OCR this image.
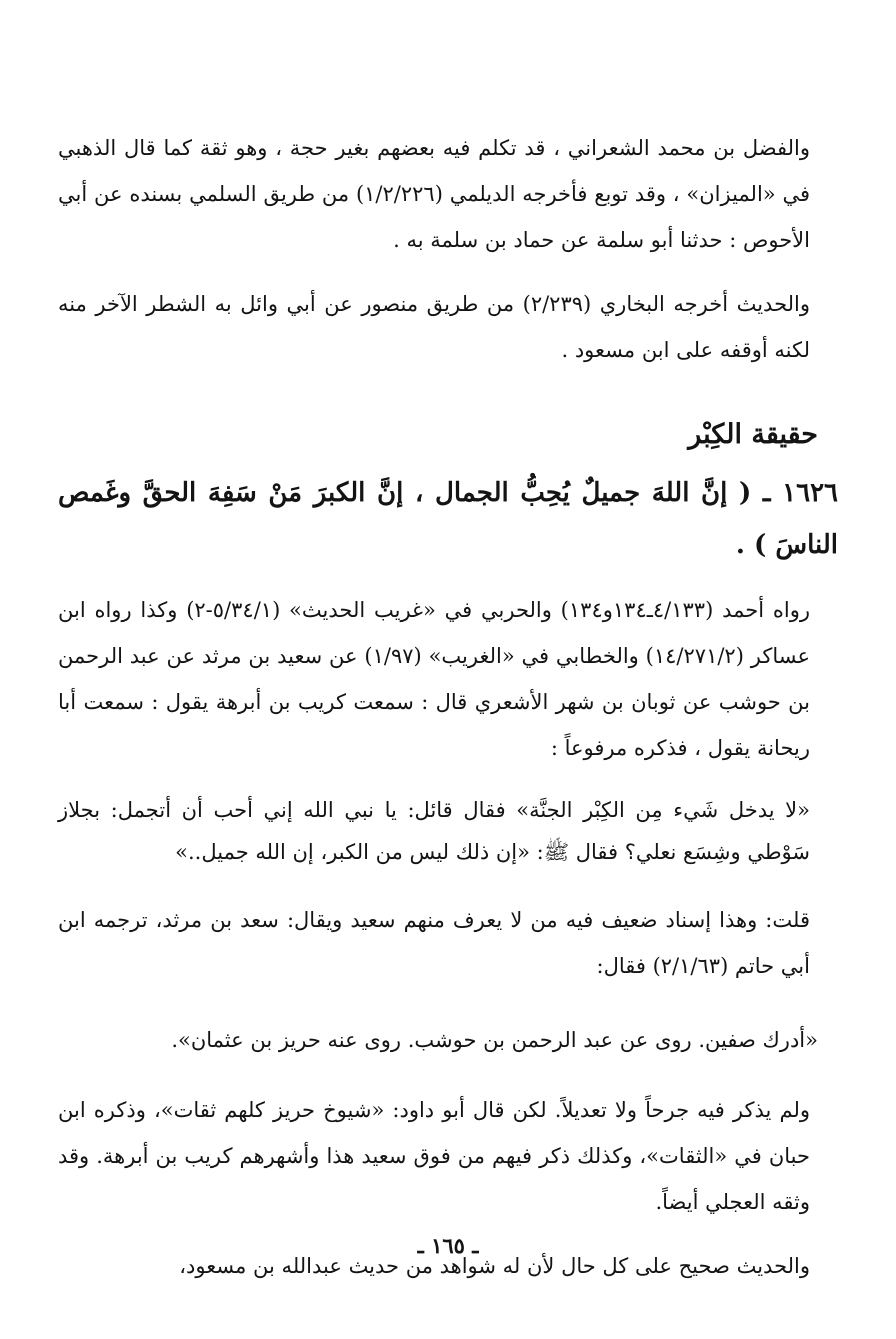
والفضل بن محمد الشعراني ، قد تكلم فيه بعضهم بغير حجة ، وهو ثقة كما قال الذهبي في «الميزان» ، وقد توبع فأخرجه الديلمي (١/٢/٢٢٦) من طريق السلمي بسنده عن أبي الأحوص : حدثنا أبو سلمة عن حماد بن سلمة به .

والحديث أخرجه البخاري (٢/٢٣٩) من طريق منصور عن أبي وائل به الشطر الآخر منه لكنه أوقفه على ابن مسعود .

حقيقة الكِبْر
١٦٢٦ ـ ( إنَّ اللهَ جميلٌ يُحِبُّ الجمال ، إنَّ الكبرَ مَنْ سَفِهَ الحقَّ وغَمص الناسَ ) .

رواه أحمد (٤/١٣٣ـ١٣٤و١٣٤) والحربي في «غريب الحديث» (٥/٣٤/١-٢) وكذا رواه ابن عساكر (١٤/٢٧١/٢) والخطابي في «الغريب» (١/٩٧) عن سعيد بن مرثد عن عبد الرحمن بن حوشب عن ثوبان بن شهر الأشعري قال : سمعت كريب بن أبرهة يقول : سمعت أبا ريحانة يقول ، فذكره مرفوعاً :

«لا يدخل شَيء مِن الكِبْر الجنَّة» فقال قائل: يا نبي الله إني أحب أن أتجمل: بجلاز سَوْطي وشِسَع نعلي؟ فقال ﷺ: «إن ذلك ليس من الكبر، إن الله جميل..»

قلت: وهذا إسناد ضعيف فيه من لا يعرف منهم سعيد ويقال: سعد بن مرثد، ترجمه ابن أبي حاتم (٢/١/٦٣) فقال:

«أدرك صفين. روى عن عبد الرحمن بن حوشب. روى عنه حريز بن عثمان».

ولم يذكر فيه جرحاً ولا تعديلاً. لكن قال أبو داود: «شيوخ حريز كلهم ثقات»، وذكره ابن حبان في «الثقات»، وكذلك ذكر فيهم من فوق سعيد هذا وأشهرهم كريب بن أبرهة. وقد وثقه العجلي أيضاً.

والحديث صحيح على كل حال لأن له شواهد من حديث عبدالله بن مسعود،

ـ ١٦٥ ـ
